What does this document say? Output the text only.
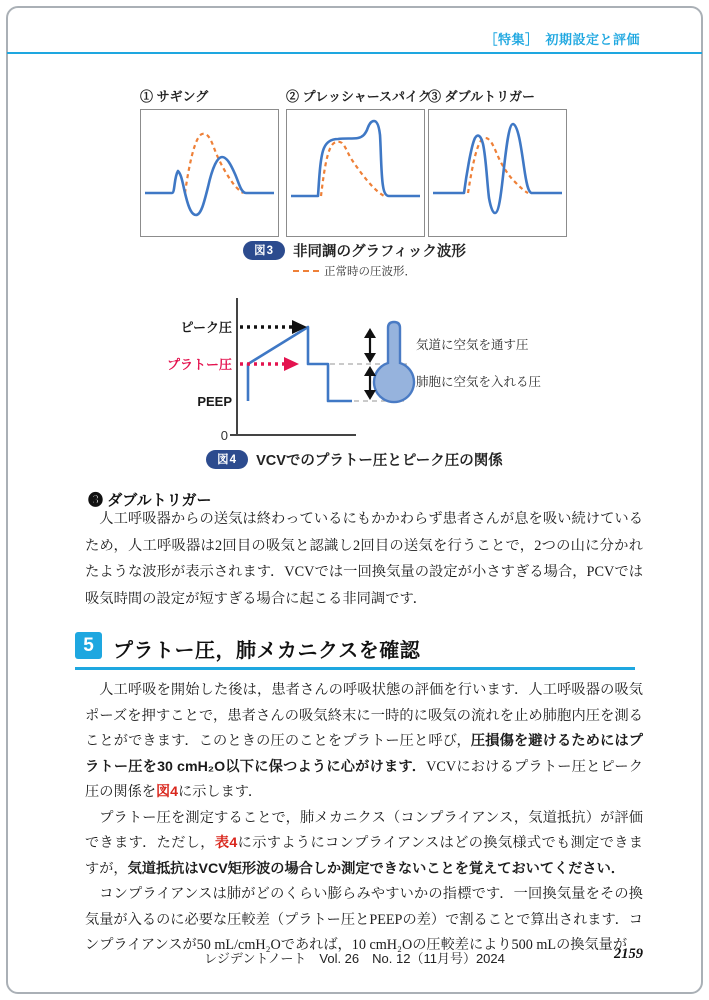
［特集］　初期設定と評価
① サギング	② プレッシャースパイク
③ ダブルトリガー
図3 非同調のグラフィック波形
正常時の圧波形．
ピーク圧
プラトー圧
PEEP
0
気道に空気を通す圧
肺胞に空気を入れる圧
図4 VCVでのプラトー圧とピーク圧の関係
❸ ダブルトリガー

人工呼吸器からの送気は終わっているにもかかわらず患者さんが息を吸い続けているため，人工呼吸器は2回目の吸気と認識し2回目の送気を行うことで，2つの山に分かれたような波形が表示されます．VCVでは一回換気量の設定が小さすぎる場合，PCVでは吸気時間の設定が短すぎる場合に起こる非同調です．

5 プラトー圧，肺メカニクスを確認

人工呼吸を開始した後は，患者さんの呼吸状態の評価を行います．人工呼吸器の吸気ポーズを押すことで，患者さんの吸気終末に一時的に吸気の流れを止め肺胞内圧を測ることができます．このときの圧のことをプラトー圧と呼び，圧損傷を避けるためにはプラトー圧を30 cmH₂O以下に保つように心がけます．VCVにおけるプラトー圧とピーク圧の関係を図4に示します．

プラトー圧を測定することで，肺メカニクス（コンプライアンス，気道抵抗）が評価できます．ただし，表4に示すようにコンプライアンスはどの換気様式でも測定できますが，気道抵抗はVCV矩形波の場合しか測定できないことを覚えておいてください．

コンプライアンスは肺がどのくらい膨らみやすいかの指標です．一回換気量をその換気量が入るのに必要な圧較差（プラトー圧とPEEPの差）で割ることで算出されます．コンプライアンスが50 mL/cmH₂Oであれば，10 cmH₂Oの圧較差により500 mLの換気量が

レジデントノート　Vol. 26　No. 12（11月号）2024	2159
